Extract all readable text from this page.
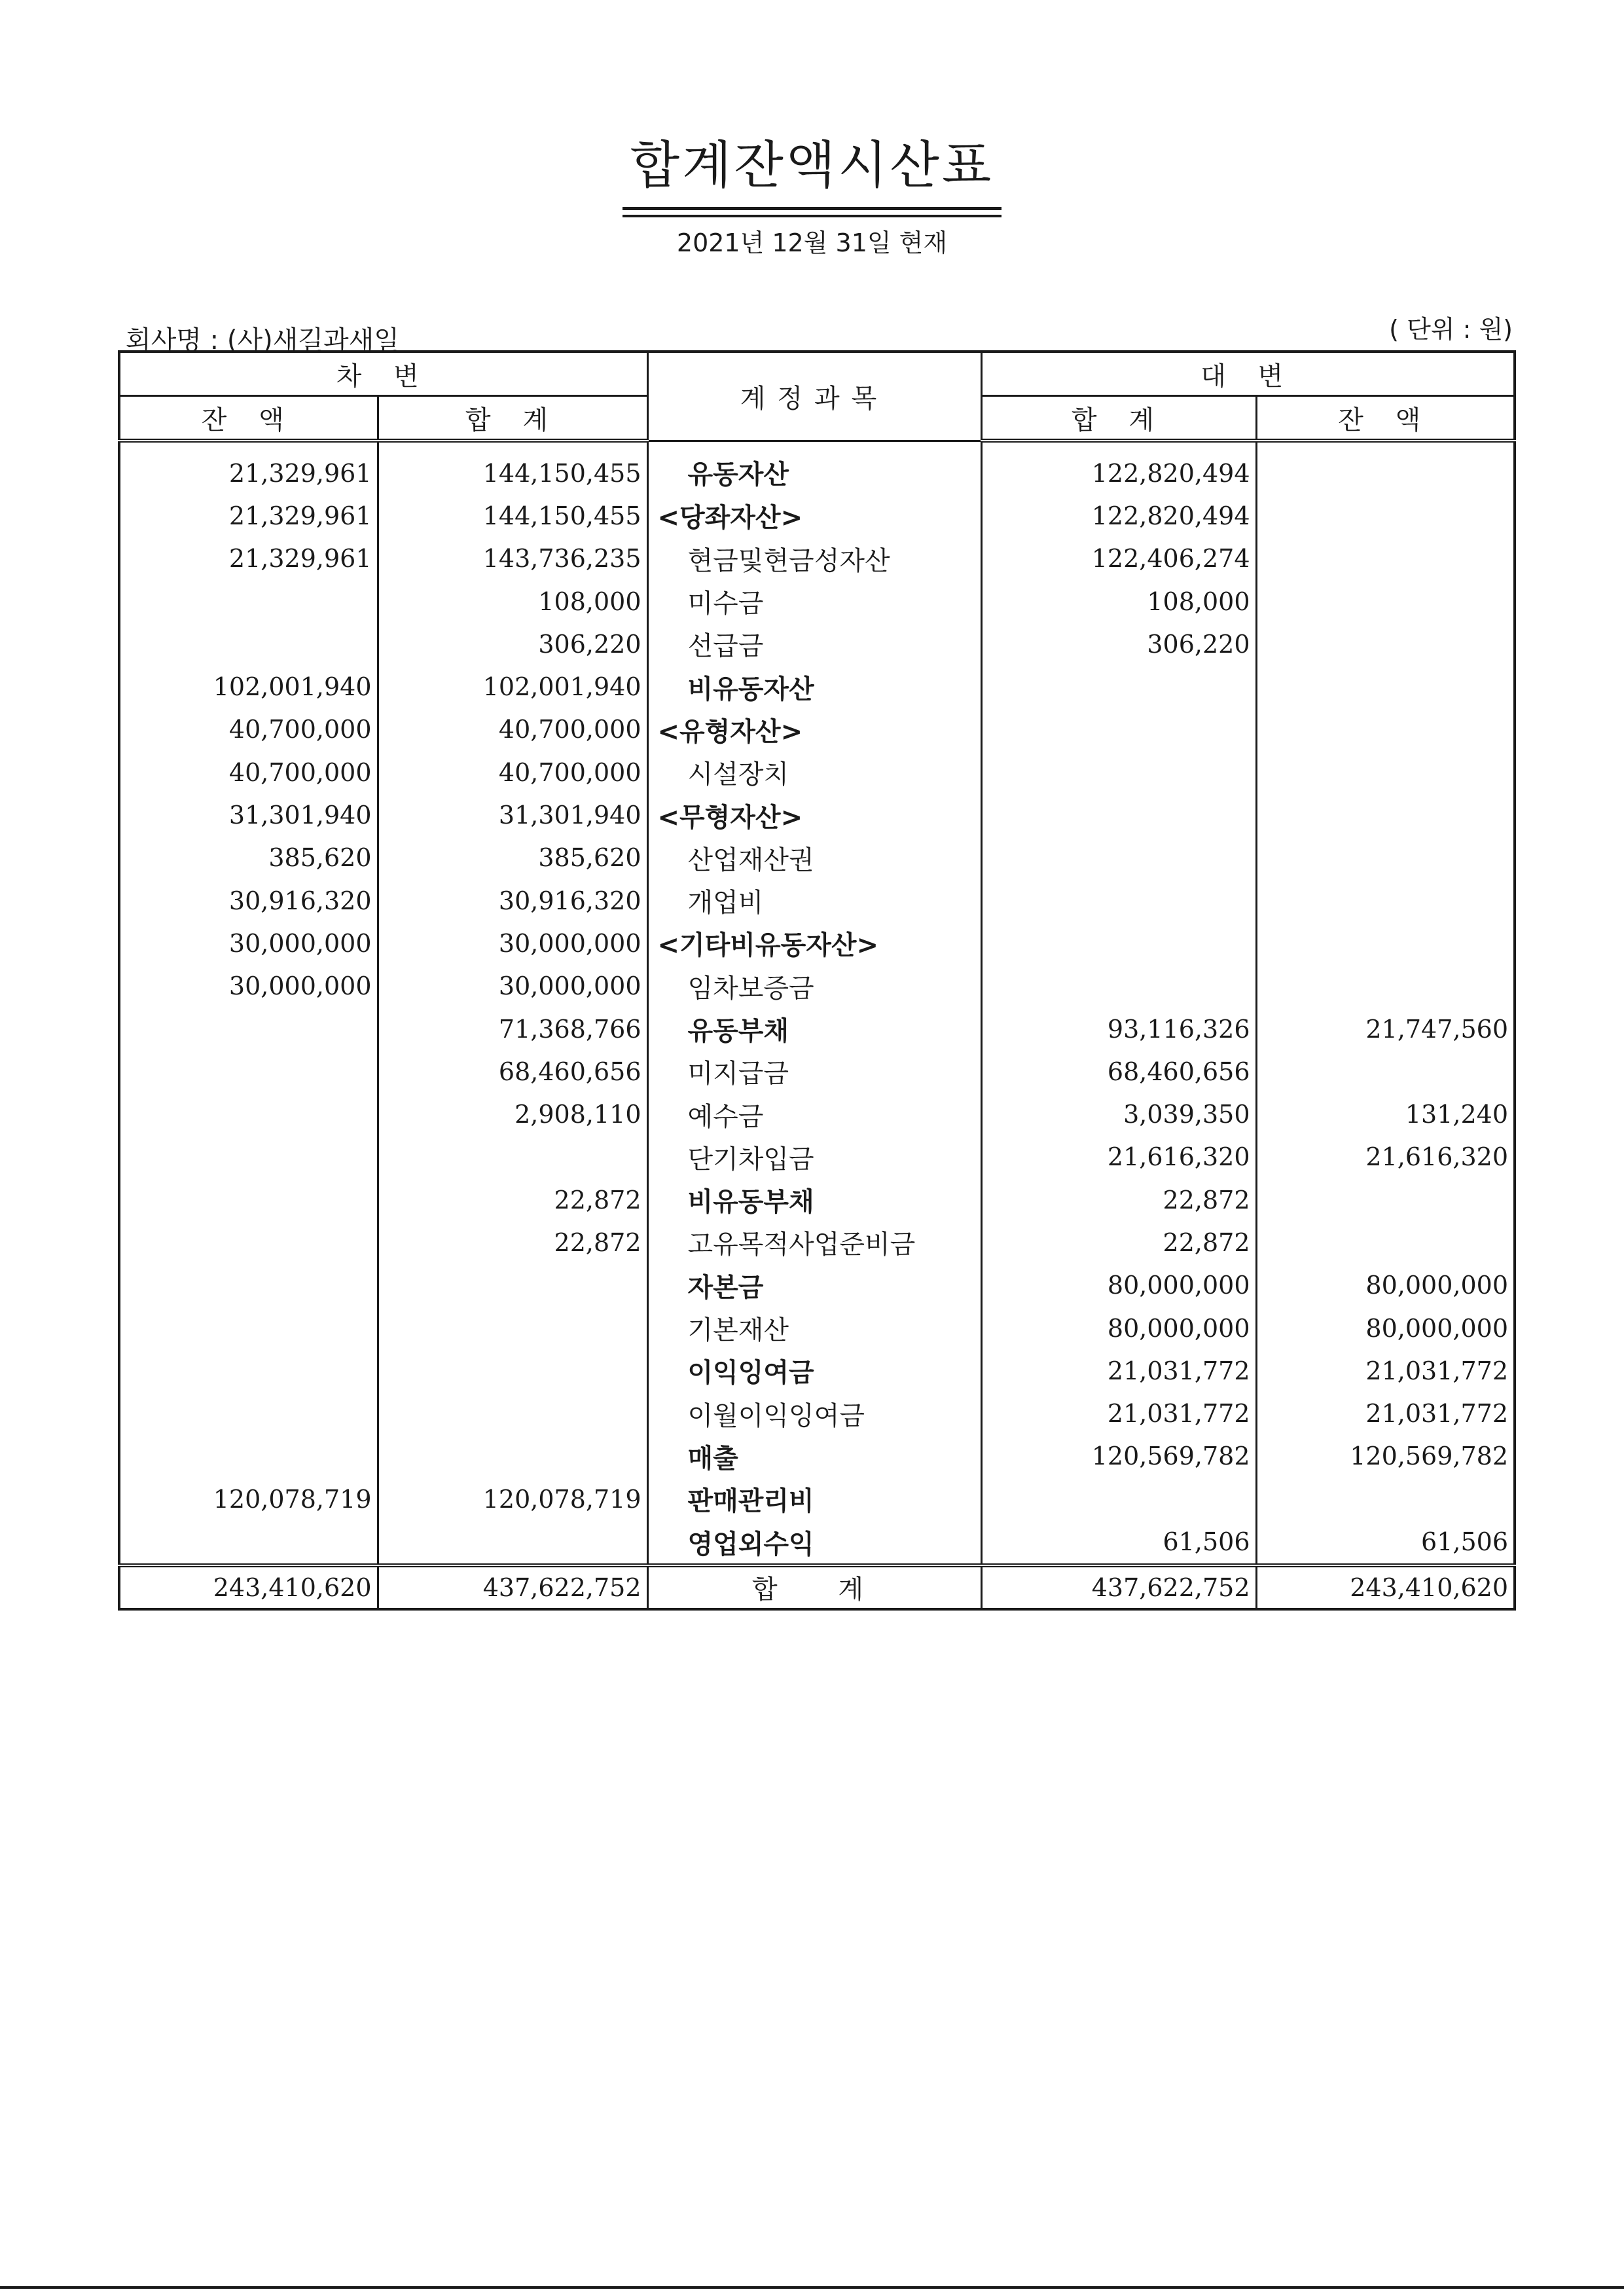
합계잔액시산표
2021년 12월 31일 현재
회사명 : (사)새길과새일	( 단위 : 원)
차 변		계정과목	대 변	
잔 액	합 계		합 계	잔 액
21,329,961	144,150,455	유동자산	122,820,494	
21,329,961	144,150,455	<당좌자산>	122,820,494	
21,329,961	143,736,235	현금및현금성자산	122,406,274	
	108,000	미수금	108,000	
	306,220	선급금	306,220	
102,001,940	102,001,940	비유동자산		
40,700,000	40,700,000	<유형자산>		
40,700,000	40,700,000	시설장치		
31,301,940	31,301,940	<무형자산>		
385,620	385,620	산업재산권		
30,916,320	30,916,320	개업비		
30,000,000	30,000,000	<기타비유동자산>		
30,000,000	30,000,000	임차보증금		
	71,368,766	유동부채	93,116,326	21,747,560
	68,460,656	미지급금	68,460,656	
	2,908,110	예수금	3,039,350	131,240
		단기차입금	21,616,320	21,616,320
	22,872	비유동부채	22,872	
	22,872	고유목적사업준비금	22,872	
		자본금	80,000,000	80,000,000
		기본재산	80,000,000	80,000,000
		이익잉여금	21,031,772	21,031,772
		이월이익잉여금	21,031,772	21,031,772
		매출	120,569,782	120,569,782
120,078,719	120,078,719	판매관리비		
		영업외수익	61,506	61,506
243,410,620	437,622,752	합 계	437,622,752	243,410,620
